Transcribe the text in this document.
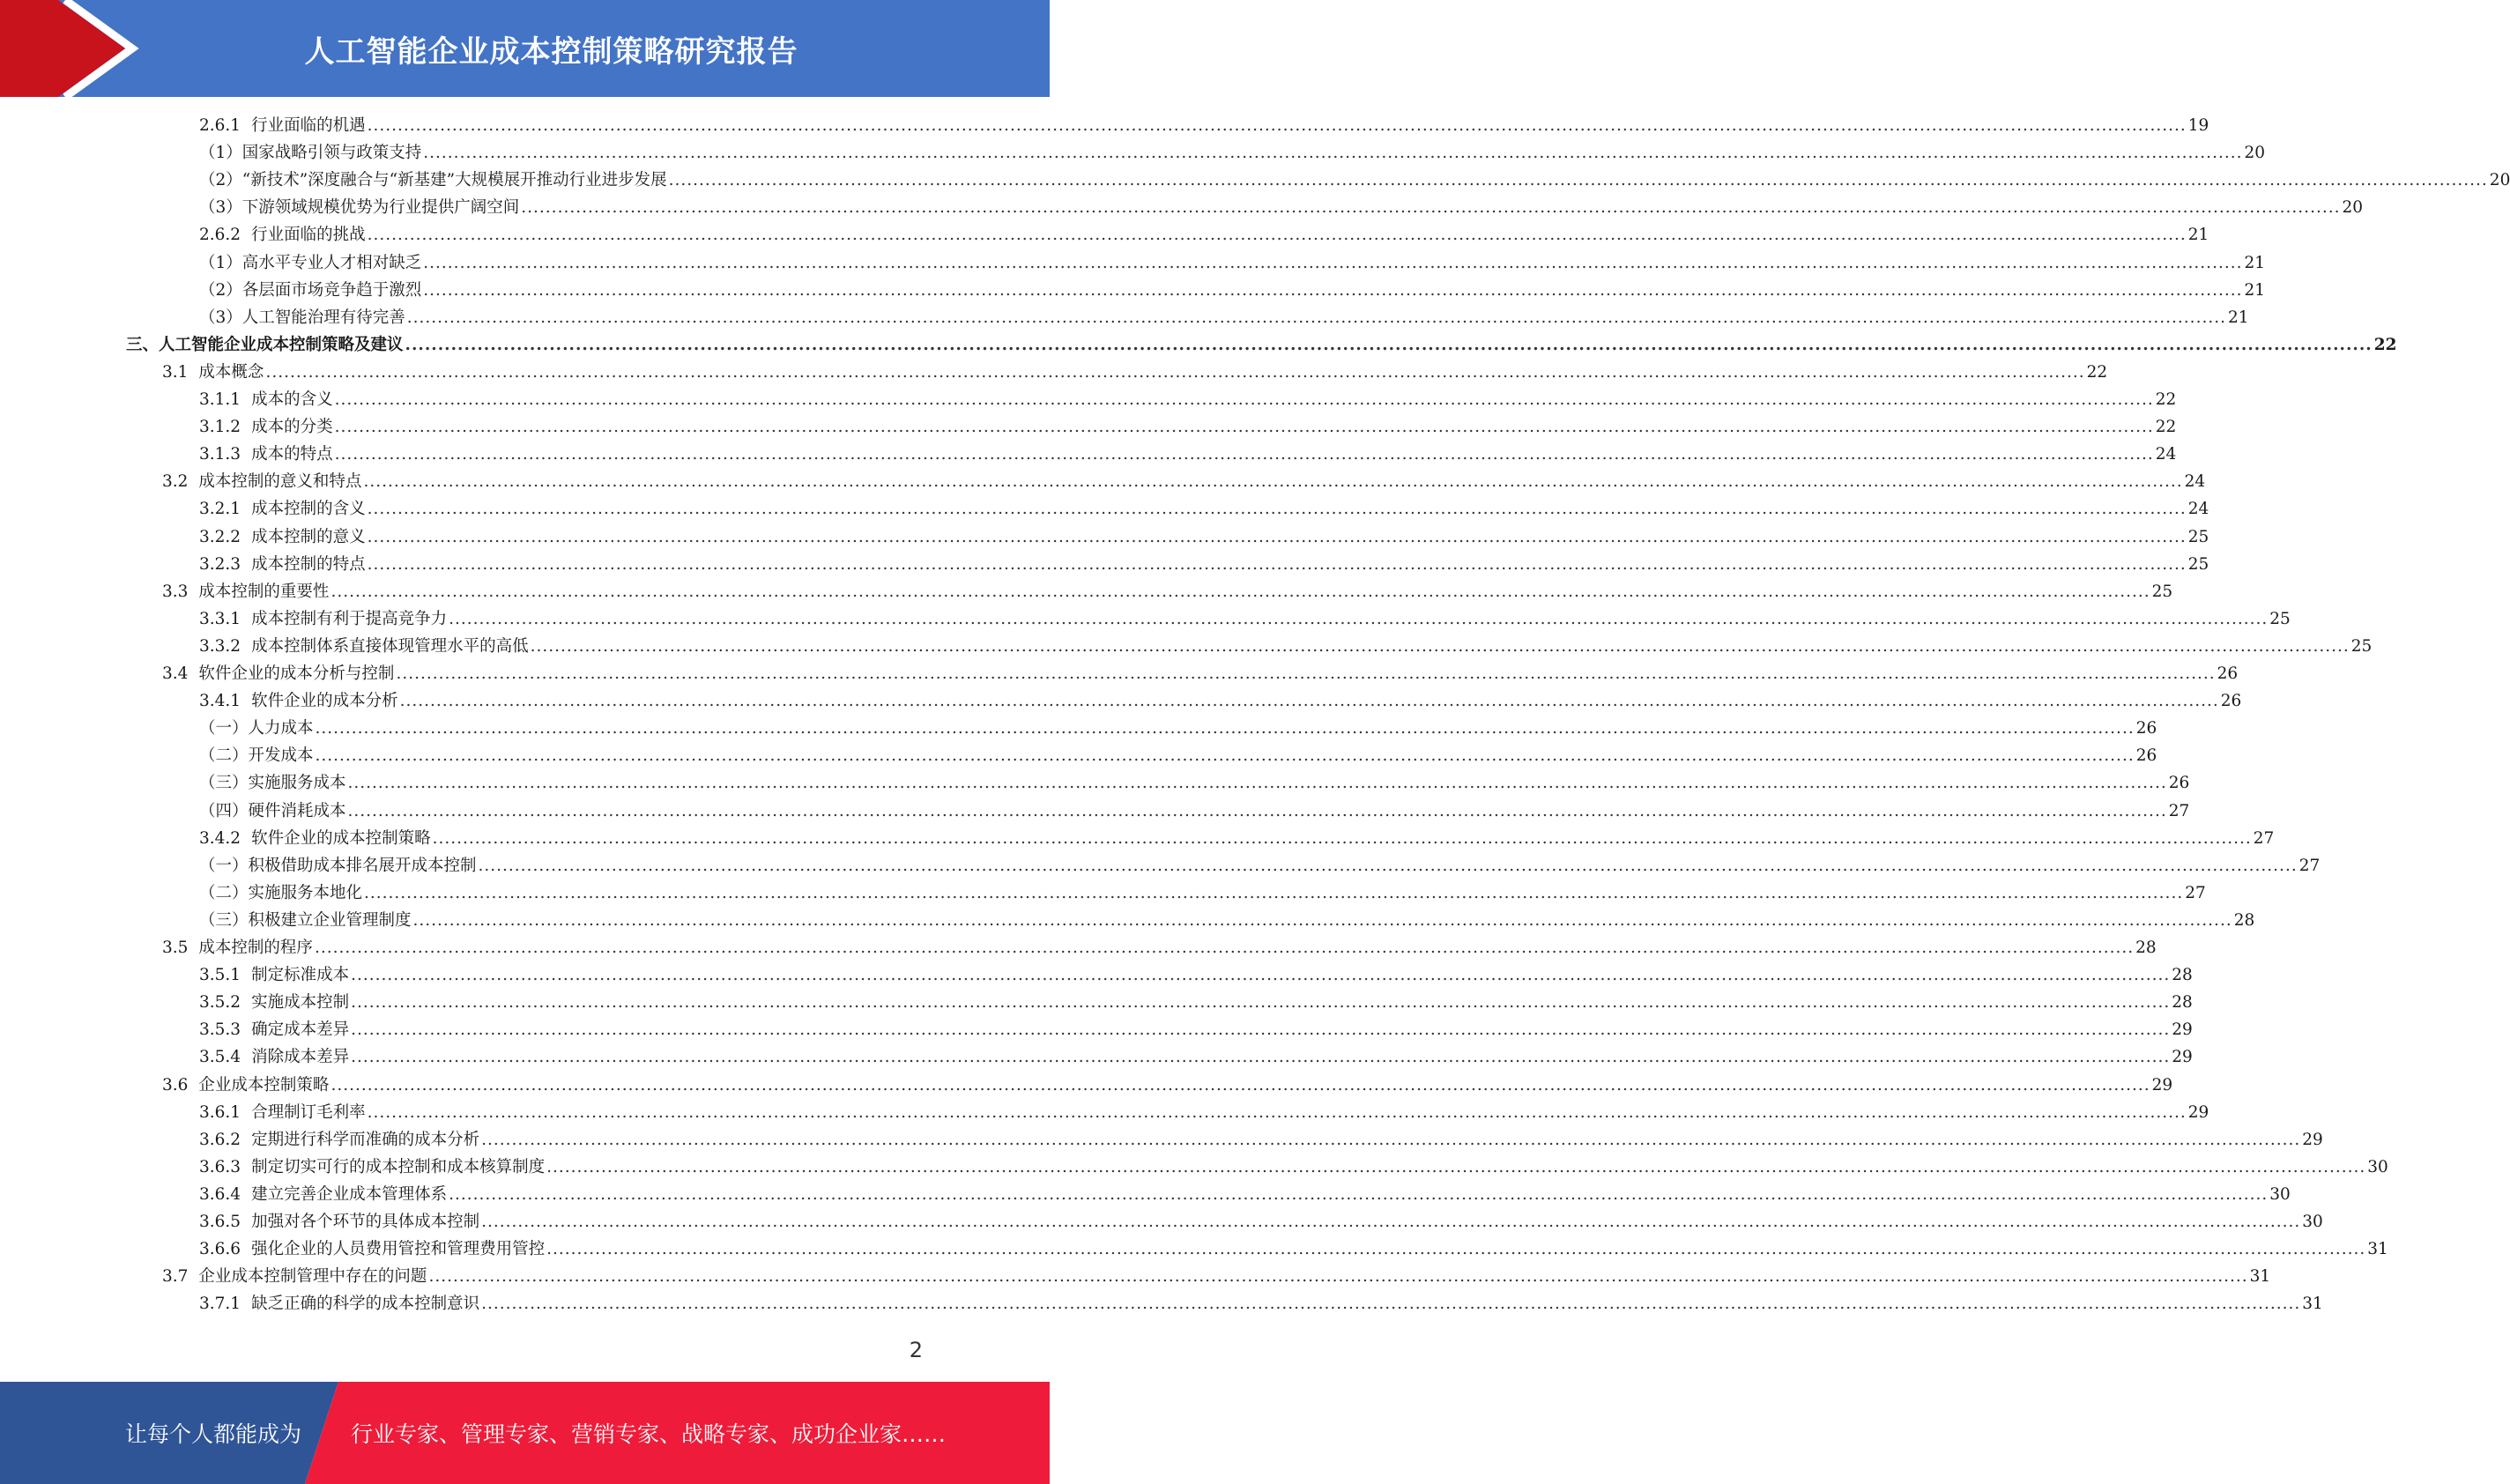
人工智能企业成本控制策略研究报告
2.6.1 行业面临的机遇 ............................................................................................................................................................................................................................................................................................................ 19
（1）国家战略引领与政策支持 ............................................................................................................................................................................................................................................................................................................ 20
（2）“新技术”深度融合与“新基建”大规模展开推动行业进步发展 ............................................................................................................................................................................................................................................................................................................ 20
（3）下游领域规模优势为行业提供广阔空间 ............................................................................................................................................................................................................................................................................................................ 20
2.6.2 行业面临的挑战 ............................................................................................................................................................................................................................................................................................................ 21
（1）高水平专业人才相对缺乏 ............................................................................................................................................................................................................................................................................................................ 21
（2）各层面市场竞争趋于激烈 ............................................................................................................................................................................................................................................................................................................ 21
（3）人工智能治理有待完善 ............................................................................................................................................................................................................................................................................................................ 21
三、人工智能企业成本控制策略及建议 ............................................................................................................................................................................................................................................................................................................ 22
3.1 成本概念 ............................................................................................................................................................................................................................................................................................................ 22
3.1.1 成本的含义 ............................................................................................................................................................................................................................................................................................................ 22
3.1.2 成本的分类 ............................................................................................................................................................................................................................................................................................................ 22
3.1.3 成本的特点 ............................................................................................................................................................................................................................................................................................................ 24
3.2 成本控制的意义和特点 ............................................................................................................................................................................................................................................................................................................ 24
3.2.1 成本控制的含义 ............................................................................................................................................................................................................................................................................................................ 24
3.2.2 成本控制的意义 ............................................................................................................................................................................................................................................................................................................ 25
3.2.3 成本控制的特点 ............................................................................................................................................................................................................................................................................................................ 25
3.3 成本控制的重要性 ............................................................................................................................................................................................................................................................................................................ 25
3.3.1 成本控制有利于提高竞争力 ............................................................................................................................................................................................................................................................................................................ 25
3.3.2 成本控制体系直接体现管理水平的高低 ............................................................................................................................................................................................................................................................................................................ 25
3.4 软件企业的成本分析与控制 ............................................................................................................................................................................................................................................................................................................ 26
3.4.1 软件企业的成本分析 ............................................................................................................................................................................................................................................................................................................ 26
（一）人力成本 ............................................................................................................................................................................................................................................................................................................ 26
（二）开发成本 ............................................................................................................................................................................................................................................................................................................ 26
（三）实施服务成本 ............................................................................................................................................................................................................................................................................................................ 26
（四）硬件消耗成本 ............................................................................................................................................................................................................................................................................................................ 27
3.4.2 软件企业的成本控制策略 ............................................................................................................................................................................................................................................................................................................ 27
（一）积极借助成本排名展开成本控制 ............................................................................................................................................................................................................................................................................................................ 27
（二）实施服务本地化 ............................................................................................................................................................................................................................................................................................................ 27
（三）积极建立企业管理制度 ............................................................................................................................................................................................................................................................................................................ 28
3.5 成本控制的程序 ............................................................................................................................................................................................................................................................................................................ 28
3.5.1 制定标准成本 ............................................................................................................................................................................................................................................................................................................ 28
3.5.2 实施成本控制 ............................................................................................................................................................................................................................................................................................................ 28
3.5.3 确定成本差异 ............................................................................................................................................................................................................................................................................................................ 29
3.5.4 消除成本差异 ............................................................................................................................................................................................................................................................................................................ 29
3.6 企业成本控制策略 ............................................................................................................................................................................................................................................................................................................ 29
3.6.1 合理制订毛利率 ............................................................................................................................................................................................................................................................................................................ 29
3.6.2 定期进行科学而准确的成本分析 ............................................................................................................................................................................................................................................................................................................ 29
3.6.3 制定切实可行的成本控制和成本核算制度 ............................................................................................................................................................................................................................................................................................................ 30
3.6.4 建立完善企业成本管理体系 ............................................................................................................................................................................................................................................................................................................ 30
3.6.5 加强对各个环节的具体成本控制 ............................................................................................................................................................................................................................................................................................................ 30
3.6.6 强化企业的人员费用管控和管理费用管控 ............................................................................................................................................................................................................................................................................................................ 31
3.7 企业成本控制管理中存在的问题 ............................................................................................................................................................................................................................................................................................................ 31
3.7.1 缺乏正确的科学的成本控制意识 ............................................................................................................................................................................................................................................................................................................ 31
2
让每个人都能成为 行业专家、管理专家、营销专家、战略专家、成功企业家……
